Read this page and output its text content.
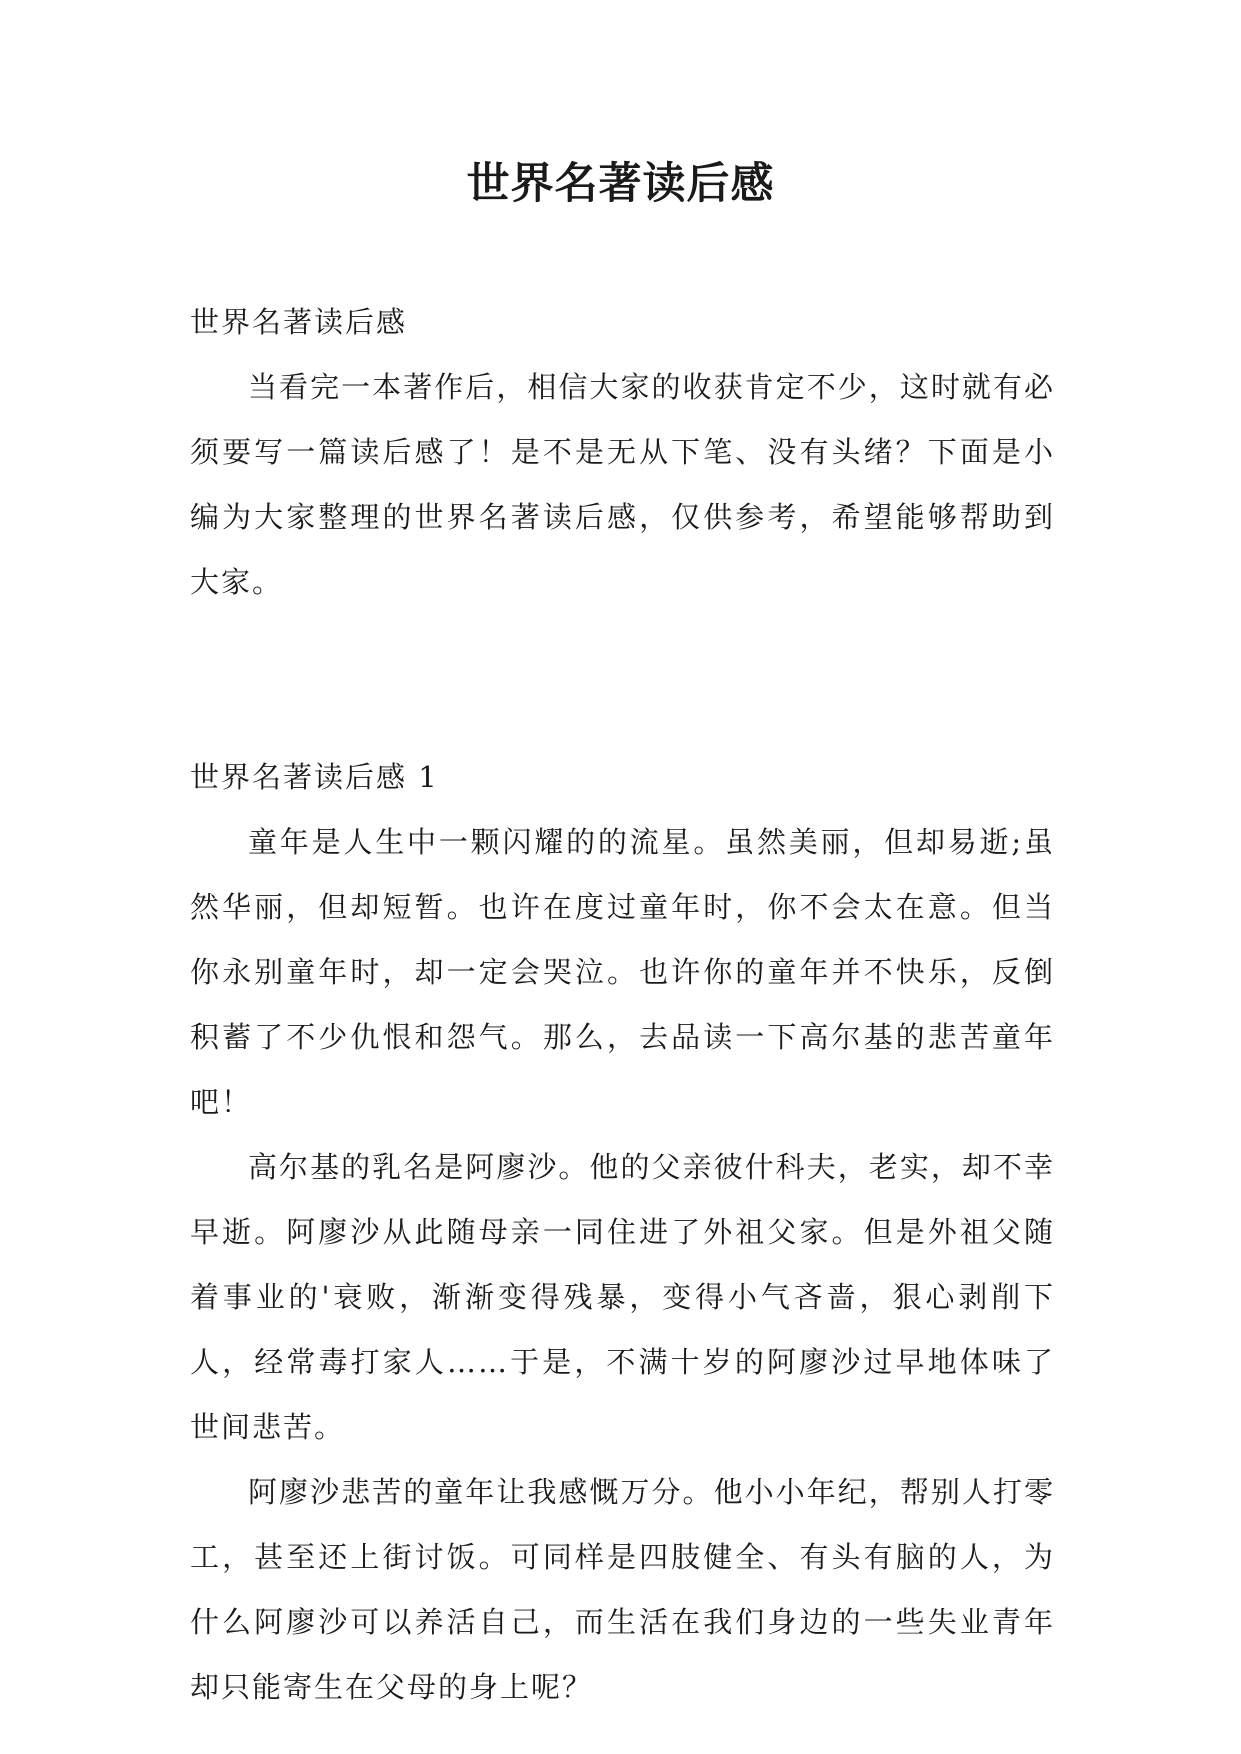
世界名著读后感
世界名著读后感

当看完一本著作后，相信大家的收获肯定不少，这时就有必须要写一篇读后感了！是不是无从下笔、没有头绪？下面是小编为大家整理的世界名著读后感，仅供参考，希望能够帮助到大家。

世界名著读后感 1

童年是人生中一颗闪耀的的流星。虽然美丽，但却易逝;虽然华丽，但却短暂。也许在度过童年时，你不会太在意。但当你永别童年时，却一定会哭泣。也许你的童年并不快乐，反倒积蓄了不少仇恨和怨气。那么，去品读一下高尔基的悲苦童年吧！

高尔基的乳名是阿廖沙。他的父亲彼什科夫，老实，却不幸早逝。阿廖沙从此随母亲一同住进了外祖父家。但是外祖父随着事业的'衰败，渐渐变得残暴，变得小气吝啬，狠心剥削下人，经常毒打家人……于是，不满十岁的阿廖沙过早地体味了世间悲苦。

阿廖沙悲苦的童年让我感慨万分。他小小年纪，帮别人打零工，甚至还上街讨饭。可同样是四肢健全、有头有脑的人，为什么阿廖沙可以养活自己，而生活在我们身边的一些失业青年却只能寄生在父母的身上呢？
